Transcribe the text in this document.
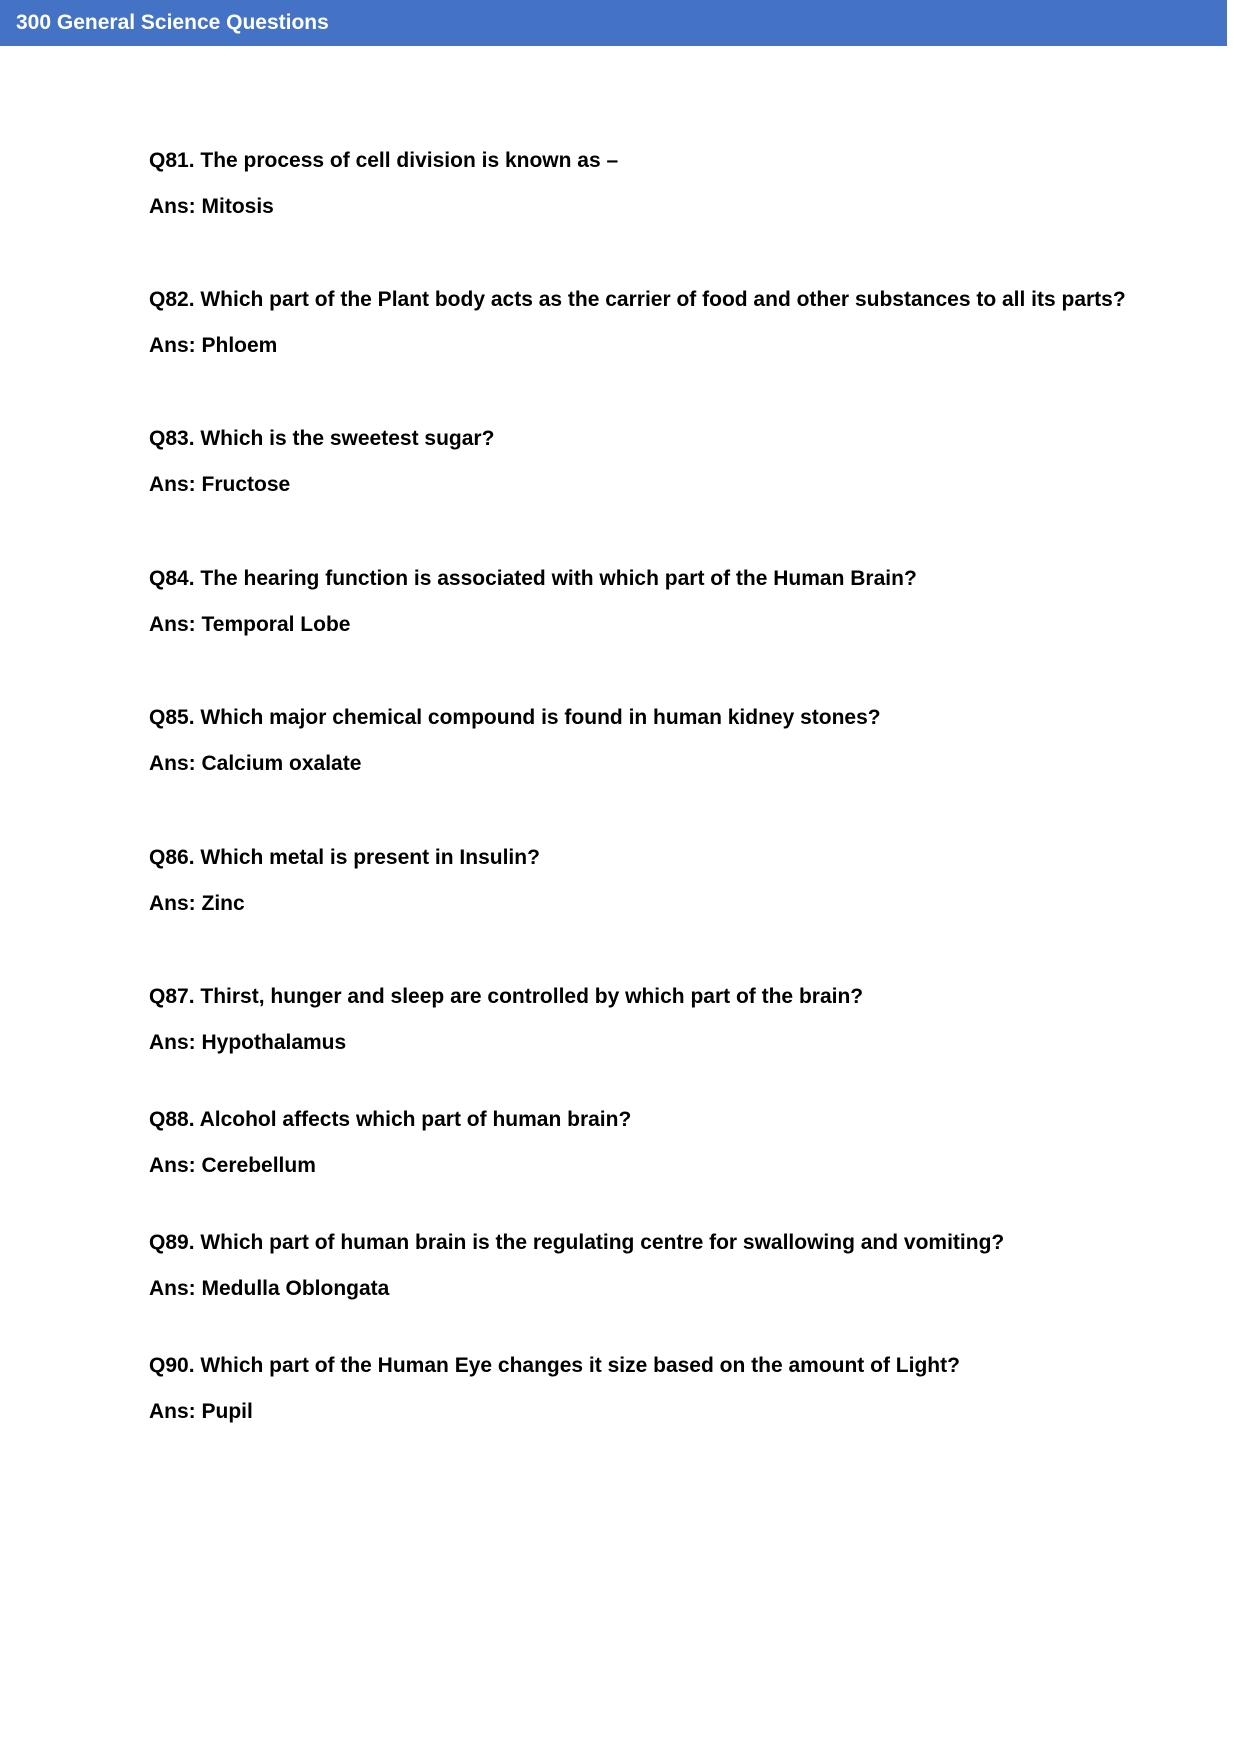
300 General Science Questions
Q81. The process of cell division is known as –
Ans: Mitosis
Q82. Which part of the Plant body acts as the carrier of food and other substances to all its parts?
Ans: Phloem
Q83. Which is the sweetest sugar?
Ans: Fructose
Q84. The hearing function is associated with which part of the Human Brain?
Ans: Temporal Lobe
Q85. Which major chemical compound is found in human kidney stones?
Ans: Calcium oxalate
Q86. Which metal is present in Insulin?
Ans: Zinc
Q87. Thirst, hunger and sleep are controlled by which part of the brain?
Ans: Hypothalamus
Q88. Alcohol affects which part of human brain?
Ans: Cerebellum
Q89. Which part of human brain is the regulating centre for swallowing and vomiting?
Ans: Medulla Oblongata
Q90. Which part of the Human Eye changes it size based on the amount of Light?
Ans: Pupil
